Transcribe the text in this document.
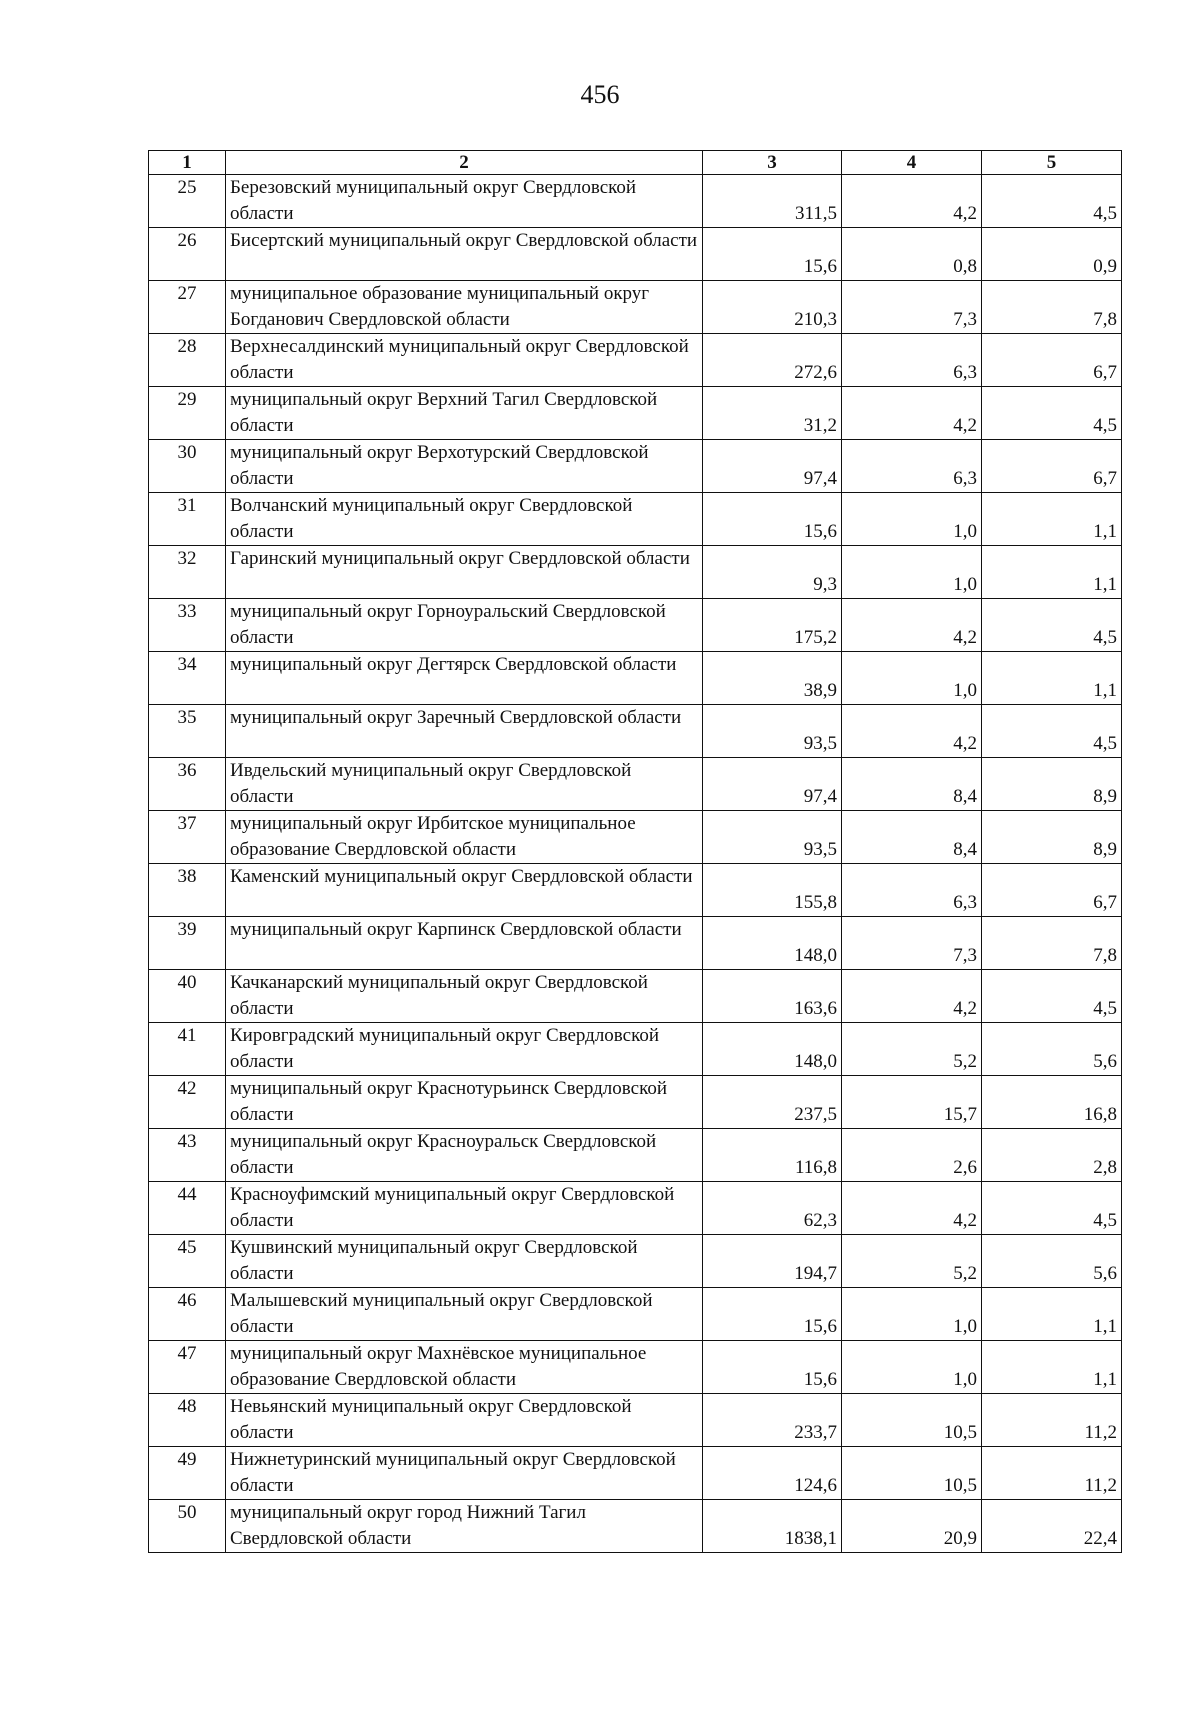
456
1	2	3	4	5
25	Березовский муниципальный округ Свердловской области	311,5	4,2	4,5
26	Бисертский муниципальный округ Свердловской области	15,6	0,8	0,9
27	муниципальное образование муниципальный округ Богданович Свердловской области	210,3	7,3	7,8
28	Верхнесалдинский муниципальный округ Свердловской области	272,6	6,3	6,7
29	муниципальный округ Верхний Тагил Свердловской области	31,2	4,2	4,5
30	муниципальный округ Верхотурский Свердловской области	97,4	6,3	6,7
31	Волчанский муниципальный округ Свердловской области	15,6	1,0	1,1
32	Гаринский муниципальный округ Свердловской области	9,3	1,0	1,1
33	муниципальный округ Горноуральский Свердловской области	175,2	4,2	4,5
34	муниципальный округ Дегтярск Свердловской области	38,9	1,0	1,1
35	муниципальный округ Заречный Свердловской области	93,5	4,2	4,5
36	Ивдельский муниципальный округ Свердловской области	97,4	8,4	8,9
37	муниципальный округ Ирбитское муниципальное образование Свердловской области	93,5	8,4	8,9
38	Каменский муниципальный округ Свердловской области	155,8	6,3	6,7
39	муниципальный округ Карпинск Свердловской области	148,0	7,3	7,8
40	Качканарский муниципальный округ Свердловской области	163,6	4,2	4,5
41	Кировградский муниципальный округ Свердловской области	148,0	5,2	5,6
42	муниципальный округ Краснотурьинск Свердловской области	237,5	15,7	16,8
43	муниципальный округ Красноуральск Свердловской области	116,8	2,6	2,8
44	Красноуфимский муниципальный округ Свердловской области	62,3	4,2	4,5
45	Кушвинский муниципальный округ Свердловской области	194,7	5,2	5,6
46	Малышевский муниципальный округ Свердловской области	15,6	1,0	1,1
47	муниципальный округ Махнёвское муниципальное образование Свердловской области	15,6	1,0	1,1
48	Невьянский муниципальный округ Свердловской области	233,7	10,5	11,2
49	Нижнетуринский муниципальный округ Свердловской области	124,6	10,5	11,2
50	муниципальный округ город Нижний Тагил Свердловской области	1838,1	20,9	22,4
